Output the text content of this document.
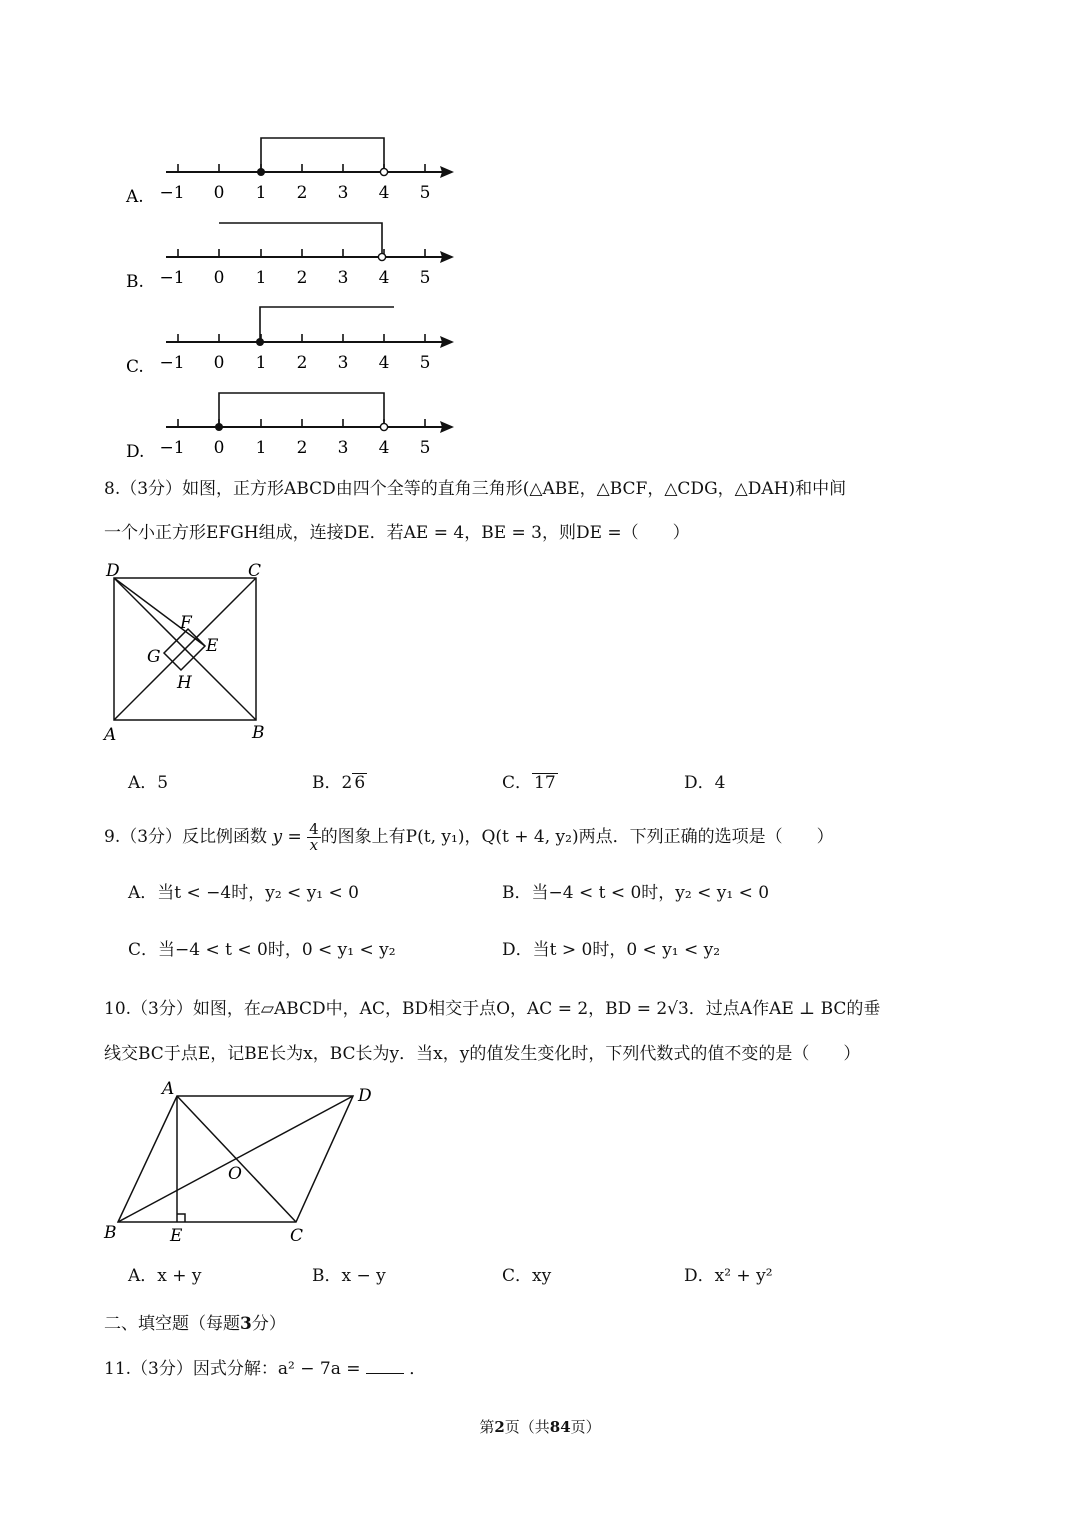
A. −1 0 1 2 3 4 5
B. −1 0 1 2 3 4 5
C. −1 0 1 2 3 4 5
D. −1 0 1 2 3 4 5
8.（3分）如图，正方形ABCD由四个全等的直角三角形(△ABE，△BCF，△CDG，△DAH)和中间
一个小正方形EFGH组成，连接DE．若AE = 4，BE = 3，则DE =（　　）
D	C
A	B
E
F
G
H
A．5	B．2 6	C． 17	D．4
9.（3分）反比例函数 $y = \frac{4}{x}$ 的图象上有P(t, y₁)，Q(t + 4, y₂)两点．下列正确的选项是（　　）
A．当t < −4时，y₂ < y₁ < 0	B．当−4 < t < 0时，y₂ < y₁ < 0
C．当−4 < t < 0时，0 < y₁ < y₂	D．当t > 0时，0 < y₁ < y₂
10.（3分）如图，在▱ABCD中，AC，BD相交于点O，AC = 2，BD = 2√3．过点A作AE ⊥ BC的垂
线交BC于点E，记BE长为x，BC长为y．当x，y的值发生变化时，下列代数式的值不变的是（　　）
A
B	C
D
E
O
A．x + y	B．x − y	C．xy	D．x² + y²
二、填空题（每题3分）
11.（3分）因式分解：a² − 7a =	．
第2页（共84页）
